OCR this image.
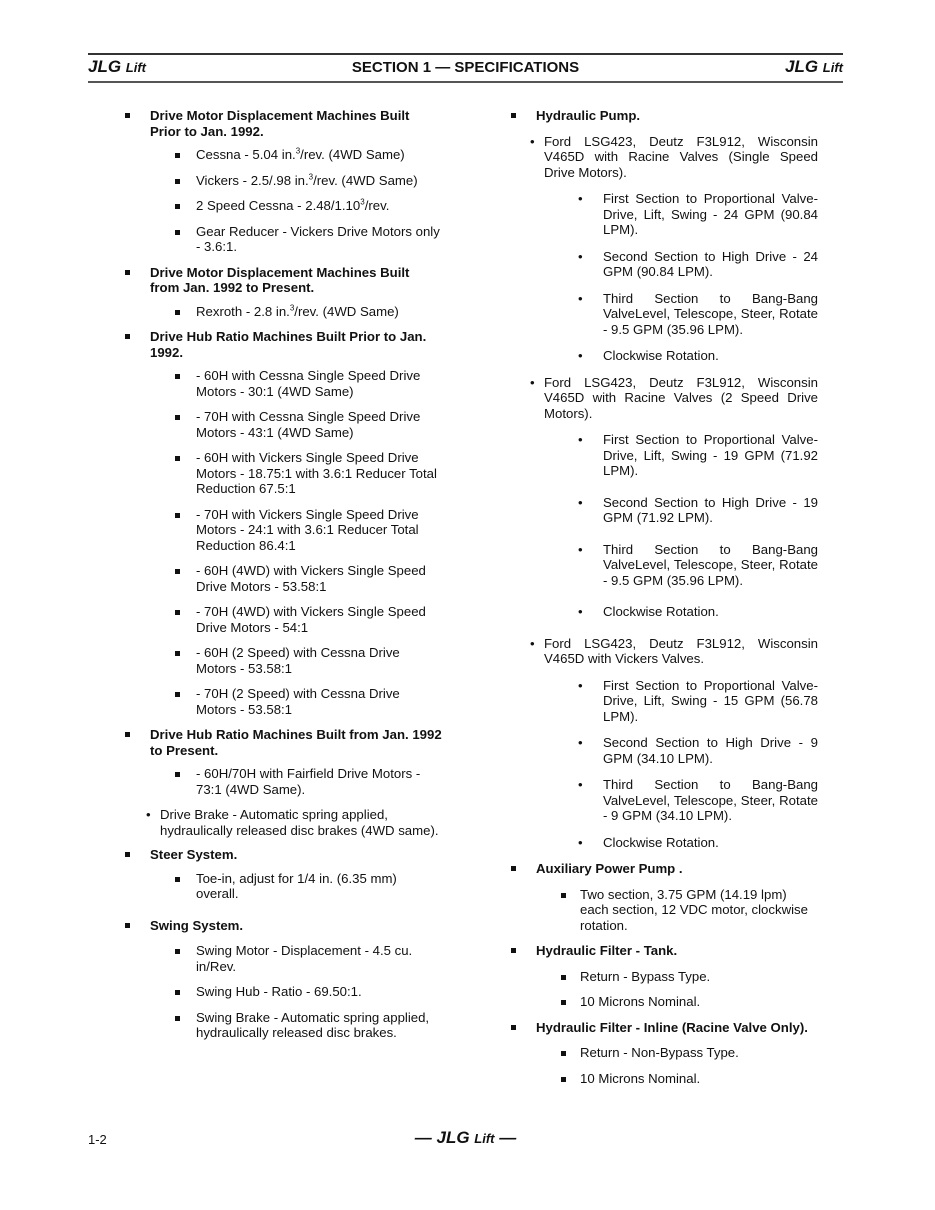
JLG Lift	SECTION 1 — SPECIFICATIONS	JLG Lift
Drive Motor Displacement Machines Built Prior to Jan. 1992.
Cessna - 5.04 in.$^3$/rev. (4WD Same)
Vickers - 2.5/.98 in.$^3$/rev. (4WD Same)
2 Speed Cessna - 2.48/1.10$^3$/rev.
Gear Reducer - Vickers Drive Motors only - 3.6:1.
Drive Motor Displacement Machines Built from Jan. 1992 to Present.
Rexroth - 2.8 in.$^3$/rev. (4WD Same)
Drive Hub Ratio Machines Built Prior to Jan. 1992.
- 60H with Cessna Single Speed Drive Motors - 30:1 (4WD Same)
- 70H with Cessna Single Speed Drive Motors - 43:1 (4WD Same)
- 60H with Vickers Single Speed Drive Motors - 18.75:1 with 3.6:1 Reducer Total Reduction 67.5:1
- 70H with Vickers Single Speed Drive Motors - 24:1 with 3.6:1 Reducer Total Reduction 86.4:1
- 60H (4WD) with Vickers Single Speed Drive Motors - 53.58:1
- 70H (4WD) with Vickers Single Speed Drive Motors - 54:1
- 60H (2 Speed) with Cessna Drive Motors - 53.58:1
- 70H (2 Speed) with Cessna Drive Motors - 53.58:1
Drive Hub Ratio Machines Built from Jan. 1992 to Present.
- 60H/70H with Fairfield Drive Motors - 73:1 (4WD Same).
• Drive Brake - Automatic spring applied, hydraulically released disc brakes (4WD same).
Steer System.
Toe-in, adjust for 1/4 in. (6.35 mm) overall.
Swing System.
Swing Motor - Displacement - 4.5 cu. in/Rev.
Swing Hub - Ratio - 69.50:1.
Swing Brake - Automatic spring applied, hydraulically released disc brakes.
Hydraulic Pump.
• Ford LSG423, Deutz F3L912, Wisconsin V465D with Racine Valves (Single Speed Drive Motors).
• First Section to Proportional Valve-Drive, Lift, Swing - 24 GPM (90.84 LPM).
• Second Section to High Drive - 24 GPM (90.84 LPM).
• Third Section to Bang-Bang ValveLevel, Telescope, Steer, Rotate - 9.5 GPM (35.96 LPM).
• Clockwise Rotation.
• Ford LSG423, Deutz F3L912, Wisconsin V465D with Racine Valves (2 Speed Drive Motors).
• First Section to Proportional Valve-Drive, Lift, Swing - 19 GPM (71.92 LPM).
• Second Section to High Drive - 19 GPM (71.92 LPM).
• Third Section to Bang-Bang ValveLevel, Telescope, Steer, Rotate - 9.5 GPM (35.96 LPM).
• Clockwise Rotation.
• Ford LSG423, Deutz F3L912, Wisconsin V465D with Vickers Valves.
• First Section to Proportional Valve-Drive, Lift, Swing - 15 GPM (56.78 LPM).
• Second Section to High Drive - 9 GPM (34.10 LPM).
• Third Section to Bang-Bang ValveLevel, Telescope, Steer, Rotate - 9 GPM (34.10 LPM).
• Clockwise Rotation.
Auxiliary Power Pump .
Two section, 3.75 GPM (14.19 lpm) each section, 12 VDC motor, clockwise rotation.
Hydraulic Filter - Tank.
Return - Bypass Type.
10 Microns Nominal.
Hydraulic Filter - Inline (Racine Valve Only).
Return - Non-Bypass Type.
10 Microns Nominal.
1-2	— JLG Lift —
